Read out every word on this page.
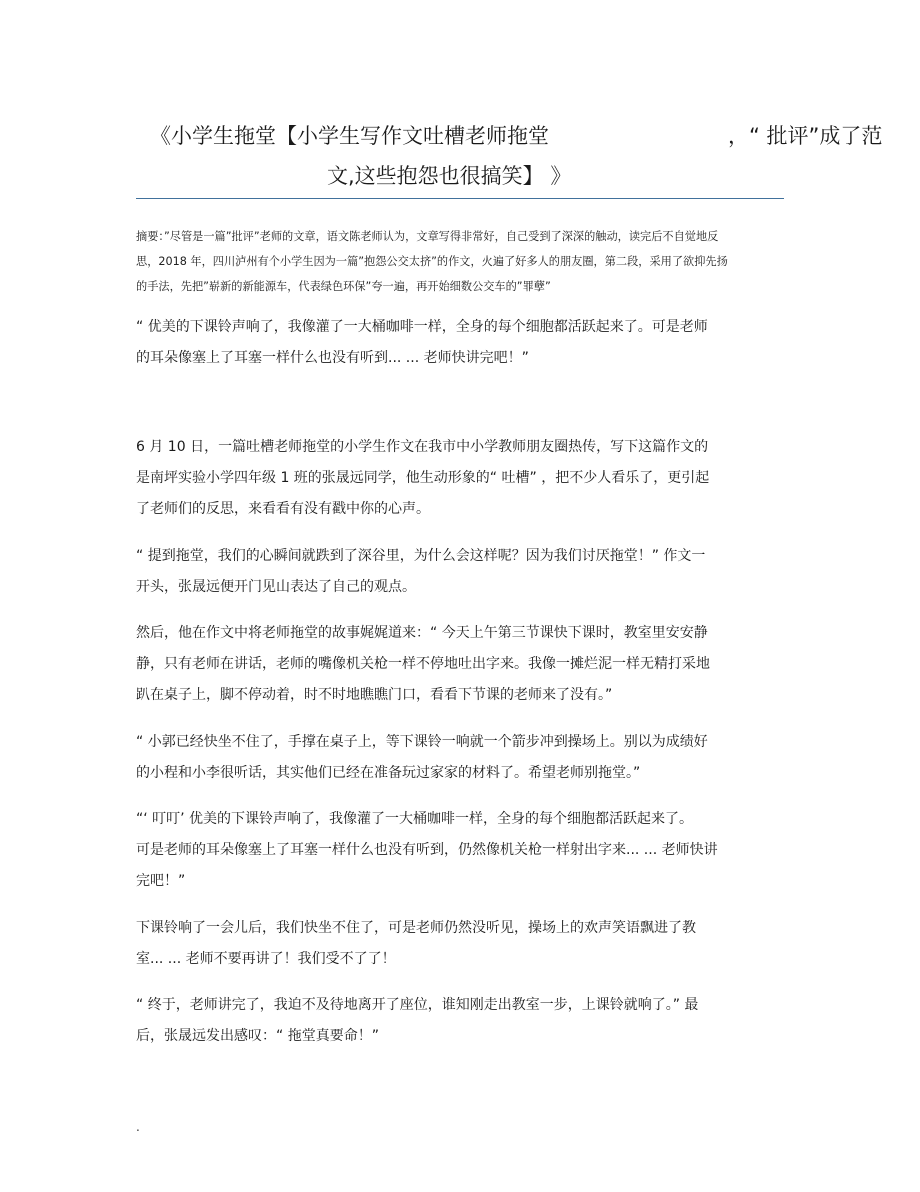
《小学生拖堂【小学生写作文吐槽老师拖堂	，“ 批评”成了范
文,这些抱怨也很搞笑】 》

摘要：”尽管是一篇”批评”老师的文章，语文陈老师认为，文章写得非常好，自己受到了深深的触动，读完后不自觉地反

思，2018 年，四川泸州有个小学生因为一篇”抱怨公交太挤”的作文，火遍了好多人的朋友圈，第二段，采用了欲抑先扬

的手法，先把”崭新的新能源车，代表绿色环保”夸一遍，再开始细数公交车的”罪孽”

“ 优美的下课铃声响了，我像灌了一大桶咖啡一样，全身的每个细胞都活跃起来了。可是老师

的耳朵像塞上了耳塞一样什么也没有听到... ... 老师快讲完吧！”

6 月 10 日，一篇吐槽老师拖堂的小学生作文在我市中小学教师朋友圈热传，写下这篇作文的

是南坪实验小学四年级 1 班的张晟远同学，他生动形象的“ 吐槽” ，把不少人看乐了，更引起

了老师们的反思，来看看有没有戳中你的心声。

“ 提到拖堂，我们的心瞬间就跌到了深谷里，为什么会这样呢？因为我们讨厌拖堂！” 作文一

开头，张晟远便开门见山表达了自己的观点。

然后，他在作文中将老师拖堂的故事娓娓道来：“ 今天上午第三节课快下课时，教室里安安静

静，只有老师在讲话，老师的嘴像机关枪一样不停地吐出字来。我像一摊烂泥一样无精打采地

趴在桌子上，脚不停动着，时不时地瞧瞧门口，看看下节课的老师来了没有。”

“ 小郭已经快坐不住了，手撑在桌子上，等下课铃一响就一个箭步冲到操场上。别以为成绩好

的小程和小李很听话，其实他们已经在准备玩过家家的材料了。希望老师别拖堂。”

“‘ 叮叮’ 优美的下课铃声响了，我像灌了一大桶咖啡一样，全身的每个细胞都活跃起来了。

可是老师的耳朵像塞上了耳塞一样什么也没有听到，仍然像机关枪一样射出字来... ... 老师快讲

完吧！”

下课铃响了一会儿后，我们快坐不住了，可是老师仍然没听见，操场上的欢声笑语飘进了教

室... ... 老师不要再讲了！我们受不了了！

“ 终于，老师讲完了，我迫不及待地离开了座位，谁知刚走出教室一步，上课铃就响了。” 最

后，张晟远发出感叹：“ 拖堂真要命！”

.
